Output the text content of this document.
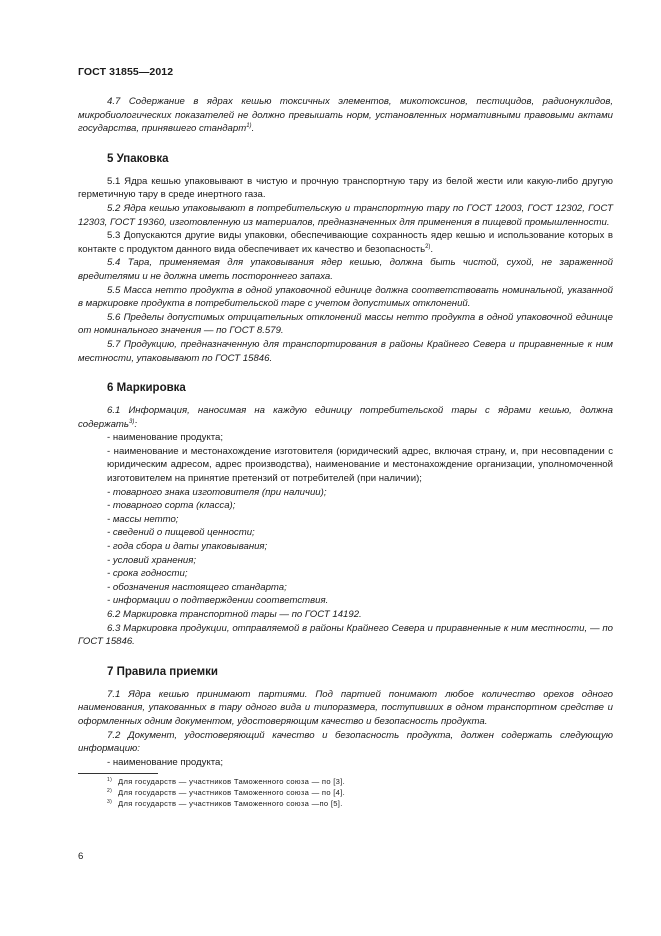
ГОСТ 31855—2012

4.7 Содержание в ядрах кешью токсичных элементов, микотоксинов, пестицидов, радионуклидов, микробиологических показателей не должно превышать норм, установленных нормативными правовыми актами государства, принявшего стандарт$^{1)}$.

5 Упаковка

5.1 Ядра кешью упаковывают в чистую и прочную транспортную тару из белой жести или какую-либо другую герметичную тару в среде инертного газа.

5.2 Ядра кешью упаковывают в потребительскую и транспортную тару по ГОСТ 12003, ГОСТ 12302, ГОСТ 12303, ГОСТ 19360, изготовленную из материалов, предназначенных для применения в пищевой промышленности.

5.3 Допускаются другие виды упаковки, обеспечивающие сохранность ядер кешью и использование которых в контакте с продуктом данного вида обеспечивает их качество и безопасность$^{2)}$.

5.4 Тара, применяемая для упаковывания ядер кешью, должна быть чистой, сухой, не зараженной вредителями и не должна иметь постороннего запаха.

5.5 Масса нетто продукта в одной упаковочной единице должна соответствовать номинальной, указанной в маркировке продукта в потребительской таре с учетом допустимых отклонений.

5.6 Пределы допустимых отрицательных отклонений массы нетто продукта в одной упаковочной единице от номинального значения — по ГОСТ 8.579.

5.7 Продукцию, предназначенную для транспортирования в районы Крайнего Севера и приравненные к ним местности, упаковывают по ГОСТ 15846.

6 Маркировка

6.1 Информация, наносимая на каждую единицу потребительской тары с ядрами кешью, должна содержать$^{3)}$:

- наименование продукта;
- наименование и местонахождение изготовителя (юридический адрес, включая страну, и, при несовпадении с юридическим адресом, адрес производства), наименование и местонахождение организации, уполномоченной изготовителем на принятие претензий от потребителей (при наличии);
- товарного знака изготовителя (при наличии);
- товарного сорта (класса);
- массы нетто;
- сведений о пищевой ценности;
- года сбора и даты упаковывания;
- условий хранения;
- срока годности;
- обозначения настоящего стандарта;
- информации о подтверждении соответствия.

6.2 Маркировка транспортной тары — по ГОСТ 14192.

6.3 Маркировка продукции, отправляемой в районы Крайнего Севера и приравненные к ним местности, — по ГОСТ 15846.

7 Правила приемки

7.1 Ядра кешью принимают партиями. Под партией понимают любое количество орехов одного наименования, упакованных в тару одного вида и типоразмера, поступивших в одном транспортном средстве и оформленных одним документом, удостоверяющим качество и безопасность продукта.

7.2 Документ, удостоверяющий качество и безопасность продукта, должен содержать следующую информацию:

- наименование продукта;
$^{1)}$ Для государств — участников Таможенного союза — по [3].
$^{2)}$ Для государств — участников Таможенного союза — по [4].
$^{3)}$ Для государств — участников Таможенного союза —по [5].
6
